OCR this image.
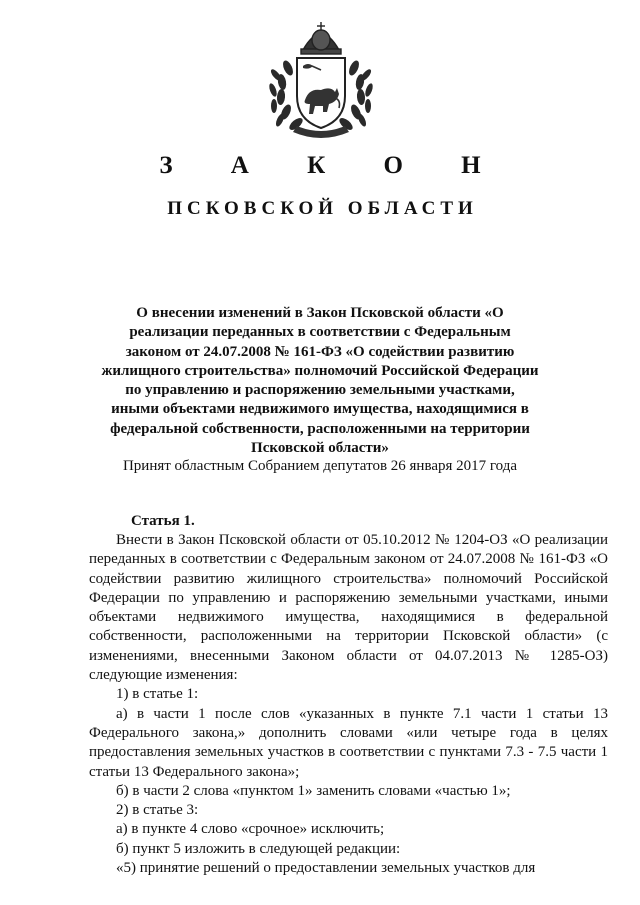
З А К О Н
ПСКОВСКОЙ ОБЛАСТИ

О внесении изменений в Закон Псковской области «О реализации переданных в соответствии с Федеральным законом от 24.07.2008 № 161-ФЗ «О содействии развитию жилищного строительства» полномочий Российской Федерации по управлению и распоряжению земельными участками, иными объектами недвижимого имущества, находящимися в федеральной собственности, расположенными на территории Псковской области»

Принят областным Собранием депутатов 26 января 2017 года

Статья 1.

Внести в Закон Псковской области от 05.10.2012 № 1204-ОЗ «О реализации переданных в соответствии с Федеральным законом от 24.07.2008 № 161-ФЗ «О содействии развитию жилищного строительства» полномочий Российской Федерации по управлению и распоряжению земельными участками, иными объектами недвижимого имущества, находящимися в федеральной собственности, расположенными на территории Псковской области» (с изменениями, внесенными Законом области от 04.07.2013 № 1285-ОЗ) следующие изменения:

1) в статье 1:

а) в части 1 после слов «указанных в пункте 7.1 части 1 статьи 13 Федерального закона,» дополнить словами «или четыре года в целях предоставления земельных участков в соответствии с пунктами 7.3 - 7.5 части 1 статьи 13 Федерального закона»;

б) в части 2 слова «пунктом 1» заменить словами «частью 1»;

2) в статье 3:

а) в пункте 4 слово «срочное» исключить;

б) пункт 5 изложить в следующей редакции:

«5) принятие решений о предоставлении земельных участков для
